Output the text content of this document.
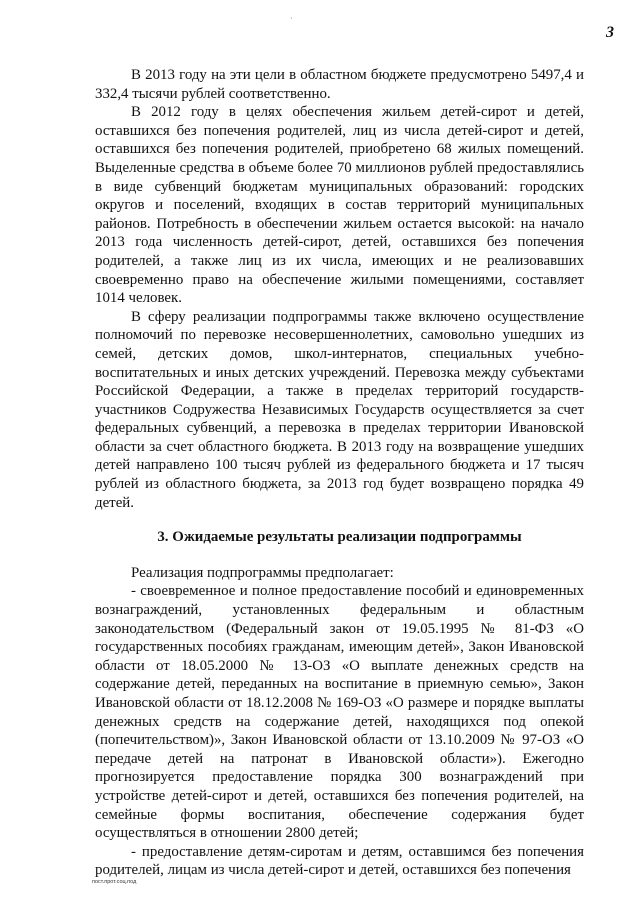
·
3

В 2013 году на эти цели в областном бюджете предусмотрено 5497,4 и 332,4 тысячи рублей соответственно.

В 2012 году в целях обеспечения жильем детей-сирот и детей, оставшихся без попечения родителей, лиц из числа детей-сирот и детей, оставшихся без попечения родителей, приобретено 68 жилых помещений. Выделенные средства в объеме более 70 миллионов рублей предоставлялись в виде субвенций бюджетам муниципальных образований: городских округов и поселений, входящих в состав территорий муниципальных районов. Потребность в обеспечении жильем остается высокой: на начало 2013 года численность детей-сирот, детей, оставшихся без попечения родителей, а также лиц из их числа, имеющих и не реализовавших своевременно право на обеспечение жилыми помещениями, составляет 1014 человек.

В сферу реализации подпрограммы также включено осуществление полномочий по перевозке несовершеннолетних, самовольно ушедших из семей, детских домов, школ-интернатов, специальных учебно-воспитательных и иных детских учреждений. Перевозка между субъектами Российской Федерации, а также в пределах территорий государств-участников Содружества Независимых Государств осуществляется за счет федеральных субвенций, а перевозка в пределах территории Ивановской области за счет областного бюджета. В 2013 году на возвращение ушедших детей направлено 100 тысяч рублей из федерального бюджета и 17 тысяч рублей из областного бюджета, за 2013 год будет возвращено порядка 49 детей.

3. Ожидаемые результаты реализации подпрограммы

Реализация подпрограммы предполагает:

- своевременное и полное предоставление пособий и единовременных вознаграждений, установленных федеральным и областным законодательством (Федеральный закон от 19.05.1995 № 81-ФЗ «О государственных пособиях гражданам, имеющим детей», Закон Ивановской области от 18.05.2000 № 13-ОЗ «О выплате денежных средств на содержание детей, переданных на воспитание в приемную семью», Закон Ивановской области от 18.12.2008 № 169-ОЗ «О размере и порядке выплаты денежных средств на содержание детей, находящихся под опекой (попечительством)», Закон Ивановской области от 13.10.2009 № 97-ОЗ «О передаче детей на патронат в Ивановской области»). Ежегодно прогнозируется предоставление порядка 300 вознаграждений при устройстве детей-сирот и детей, оставшихся без попечения родителей, на семейные формы воспитания, обеспечение содержания будет осуществляться в отношении 2800 детей;

- предоставление детям-сиротам и детям, оставшимся без попечения родителей, лицам из числа детей-сирот и детей, оставшихся без попечения

пост.прот.соц.под
